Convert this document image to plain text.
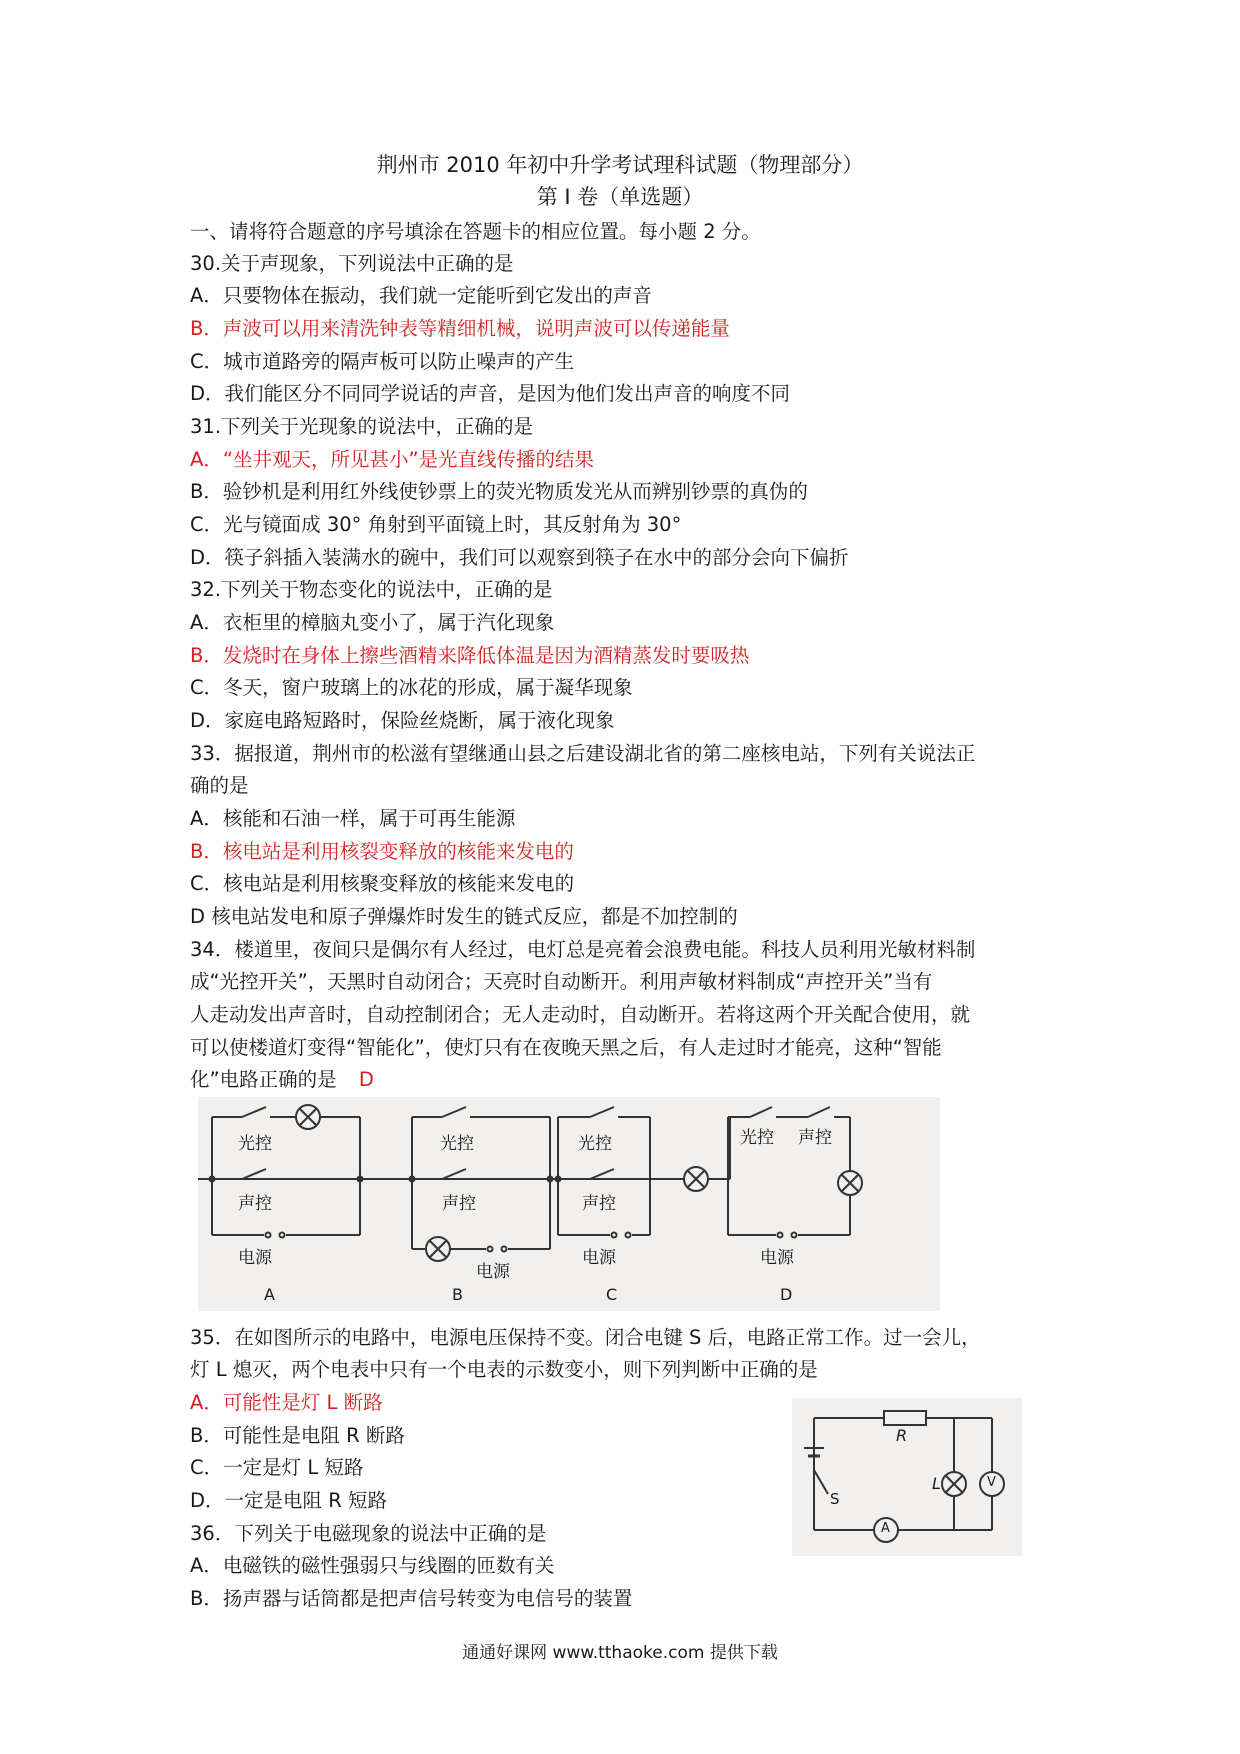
荆州市 2010 年初中升学考试理科试题（物理部分）
第 I 卷（单选题）
一、请将符合题意的序号填涂在答题卡的相应位置。每小题 2 分。
30.关于声现象，下列说法中正确的是
A．只要物体在振动，我们就一定能听到它发出的声音
B．声波可以用来清洗钟表等精细机械，说明声波可以传递能量
C．城市道路旁的隔声板可以防止噪声的产生
D．我们能区分不同同学说话的声音，是因为他们发出声音的响度不同
31.下列关于光现象的说法中，正确的是
A．“坐井观天，所见甚小”是光直线传播的结果
B．验钞机是利用红外线使钞票上的荧光物质发光从而辨别钞票的真伪的
C．光与镜面成 30° 角射到平面镜上时，其反射角为 30°
D．筷子斜插入装满水的碗中，我们可以观察到筷子在水中的部分会向下偏折
32.下列关于物态变化的说法中，正确的是
A．衣柜里的樟脑丸变小了，属于汽化现象
B．发烧时在身体上擦些酒精来降低体温是因为酒精蒸发时要吸热
C．冬天，窗户玻璃上的冰花的形成，属于凝华现象
D．家庭电路短路时，保险丝烧断，属于液化现象
33．据报道，荆州市的松滋有望继通山县之后建设湖北省的第二座核电站，下列有关说法正
确的是
A．核能和石油一样，属于可再生能源
B．核电站是利用核裂变释放的核能来发电的
C．核电站是利用核聚变释放的核能来发电的
D 核电站发电和原子弹爆炸时发生的链式反应，都是不加控制的
34．楼道里，夜间只是偶尔有人经过，电灯总是亮着会浪费电能。科技人员利用光敏材料制
成“光控开关”，天黑时自动闭合；天亮时自动断开。利用声敏材料制成“声控开关”当有
人走动发出声音时，自动控制闭合；无人走动时，自动断开。若将这两个开关配合使用，就
可以使楼道灯变得“智能化”，使灯只有在夜晚天黑之后，有人走过时才能亮，这种“智能
化”电路正确的是 D
光控
声控
电源
A
光控
声控
电源
B
光控
声控
电源
C
光控 声控
电源
D
35．在如图所示的电路中，电源电压保持不变。闭合电键 S 后，电路正常工作。过一会儿，
灯 L 熄灭，两个电表中只有一个电表的示数变小，则下列判断中正确的是
A．可能性是灯 L 断路
B．可能性是电阻 R 断路
C．一定是灯 L 短路
D．一定是电阻 R 短路
R
L
S
A
V
36．下列关于电磁现象的说法中正确的是
A．电磁铁的磁性强弱只与线圈的匝数有关
B．扬声器与话筒都是把声信号转变为电信号的装置
通通好课网 www.tthaoke.com 提供下载
